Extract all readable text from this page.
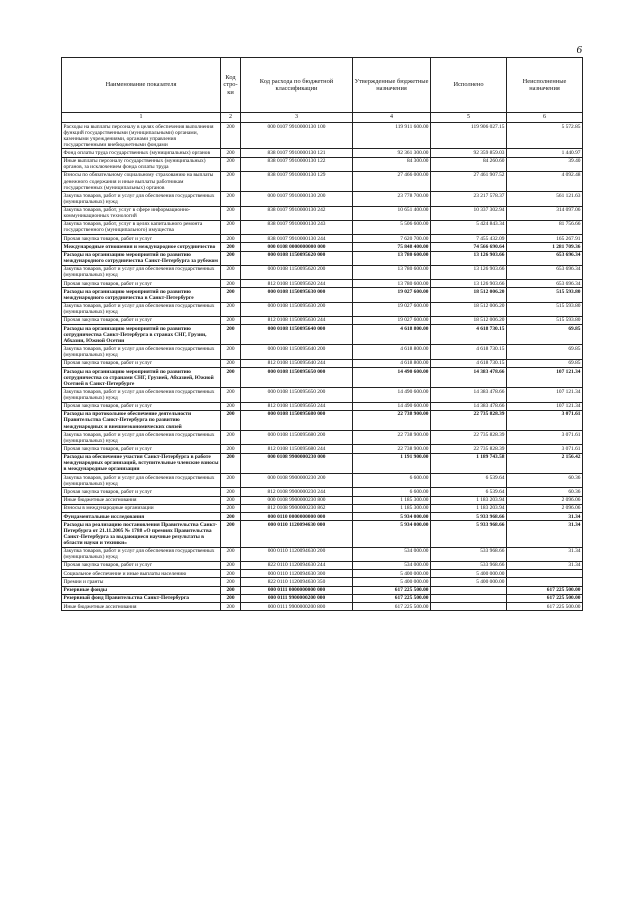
6
Наименование показателя	Код стро-ки	Код расхода по бюджетной классификации	Утвержденные бюджетные назначения	Исполнено	Неисполненные назначения
1	2	3	4	5	6
Расходы на выплаты персоналу в целях обеспечения выполнения функций государственными (муниципальными) органами, казенными учреждениями, органами управления государственными внебюджетными фондами	200	000 0107 9910000130 100	119 911 600.00	119 906 027.15	5 572.85
Фонд оплаты труда государственных (муниципальных) органов	200	838 0107 9910000130 121	92 361 300.00	92 359 859.03	1 440.97
Иные выплаты персоналу государственных (муниципальных) органов, за исключением фонда оплаты труда	200	838 0107 9910000130 122	84 300.00	84 260.60	39.40
Взносы по обязательному социальному страхованию на выплаты денежного содержания и иные выплаты работникам государственных (муниципальных) органов	200	838 0107 9910000130 129	27 466 000.00	27 461 907.52	4 092.48
Закупка товаров, работ и услуг для обеспечения государственных (муниципальных) нужд	200	000 0107 9910000130 200	23 778 700.00	23 217 578.37	561 121.63
Закупка товаров, работ, услуг в сфере информационно-коммуникационных технологий	200	838 0107 9910000130 242	10 651 400.00	10 337 302.94	314 097.06
Закупка товаров, работ, услуг в целях капитального ремонта государственного (муниципального) имущества	200	838 0107 9910000130 243	5 506 600.00	5 424 843.34	81 756.66
Прочая закупка товаров, работ и услуг	200	838 0107 9910000130 244	7 620 700.00	7 455 432.09	165 267.91
Международные отношения и международное сотрудничество	200	000 0108 0000000000 000	75 848 400.00	74 566 690.64	1 281 709.36
Расходы на организацию мероприятий по развитию международного сотрудничества Санкт-Петербурга за рубежом	200	000 0108 1150095620 000	13 780 600.00	13 126 903.66	653 696.34
Закупка товаров, работ и услуг для обеспечения государственных (муниципальных) нужд	200	000 0108 1150095620 200	13 780 600.00	13 126 903.66	653 696.34
Прочая закупка товаров, работ и услуг	200	812 0108 1150095620 244	13 780 600.00	13 126 903.66	653 696.34
Расходы на организацию мероприятий по развитию международного сотрудничества в Санкт-Петербурге	200	000 0108 1150095630 000	19 027 600.00	18 512 006.20	515 593.80
Закупка товаров, работ и услуг для обеспечения государственных (муниципальных) нужд	200	000 0108 1150095630 200	19 027 600.00	18 512 006.20	515 593.80
Прочая закупка товаров, работ и услуг	200	812 0108 1150095630 244	19 027 600.00	18 512 006.20	515 593.80
Расходы на организацию мероприятий по развитию сотрудничества Санкт-Петербурга в странах СНГ, Грузии, Абхазии, Южной Осетии	200	000 0108 1150095640 000	4 618 800.00	4 618 730.15	69.85
Закупка товаров, работ и услуг для обеспечения государственных (муниципальных) нужд	200	000 0108 1150095640 200	4 618 800.00	4 618 730.15	69.85
Прочая закупка товаров, работ и услуг	200	812 0108 1150095640 244	4 618 800.00	4 618 730.15	69.85
Расходы на организацию мероприятий по развитию сотрудничества со странами СНГ, Грузией, Абхазией, Южной Осетией в Санкт-Петербурге	200	000 0108 1150095650 000	14 490 600.00	14 383 478.66	107 121.34
Закупка товаров, работ и услуг для обеспечения государственных (муниципальных) нужд	200	000 0108 1150095650 200	14 490 600.00	14 383 478.66	107 121.34
Прочая закупка товаров, работ и услуг	200	812 0108 1150095650 244	14 490 600.00	14 383 478.66	107 121.34
Расходы на протокольное обеспечение деятельности Правительства Санкт-Петербурга по развитию международных и внешнеэкономических связей	200	000 0108 1150095680 000	22 738 900.00	22 735 828.39	3 071.61
Закупка товаров, работ и услуг для обеспечения государственных (муниципальных) нужд	200	000 0108 1150095680 200	22 738 900.00	22 735 828.39	3 071.61
Прочая закупка товаров, работ и услуг	200	812 0108 1150095680 244	22 738 900.00	22 735 828.39	3 071.61
Расходы на обеспечение участия Санкт-Петербурга в работе международных организаций, вступительные членские взносы в международные организации	200	000 0108 9900000230 000	1 191 900.00	1 189 743.58	2 156.42
Закупка товаров, работ и услуг для обеспечения государственных (муниципальных) нужд	200	000 0108 9900000230 200	6 600.00	6 539.64	60.36
Прочая закупка товаров, работ и услуг	200	812 0108 9900000230 244	6 600.00	6 539.64	60.36
Иные бюджетные ассигнования	200	000 0108 9900000230 800	1 185 300.00	1 183 203.94	2 096.06
Взносы в международные организации	200	812 0108 9900000230 862	1 185 300.00	1 183 203.94	2 096.06
Фундаментальные исследования	200	000 0110 0000000000 000	5 934 000.00	5 933 968.66	31.34
Расходы на реализацию постановления Правительства Санкт-Петербурга от 21.11.2005 № 1788 «О премиях Правительства Санкт-Петербурга за выдающиеся научные результаты в области науки и техники»	200	000 0110 1120094630 000	5 934 000.00	5 933 968.66	31.34
Закупка товаров, работ и услуг для обеспечения государственных (муниципальных) нужд	200	000 0110 1120094630 200	534 000.00	533 968.66	31.34
Прочая закупка товаров, работ и услуг	200	822 0110 1120094630 244	534 000.00	533 968.66	31.34
Социальное обеспечение и иные выплаты населению	200	000 0110 1120094630 300	5 400 000.00	5 400 000.00	
Премии и гранты	200	822 0110 1120094630 350	5 400 000.00	5 400 000.00	
Резервные фонды	200	000 0111 0000000000 000	617 225 500.00		617 225 500.00
Резервный фонд Правительства Санкт-Петербурга	200	000 0111 9900000200 000	617 225 500.00		617 225 500.00
Иные бюджетные ассигнования	200	000 0111 9900000200 800	617 225 500.00		617 225 500.00
